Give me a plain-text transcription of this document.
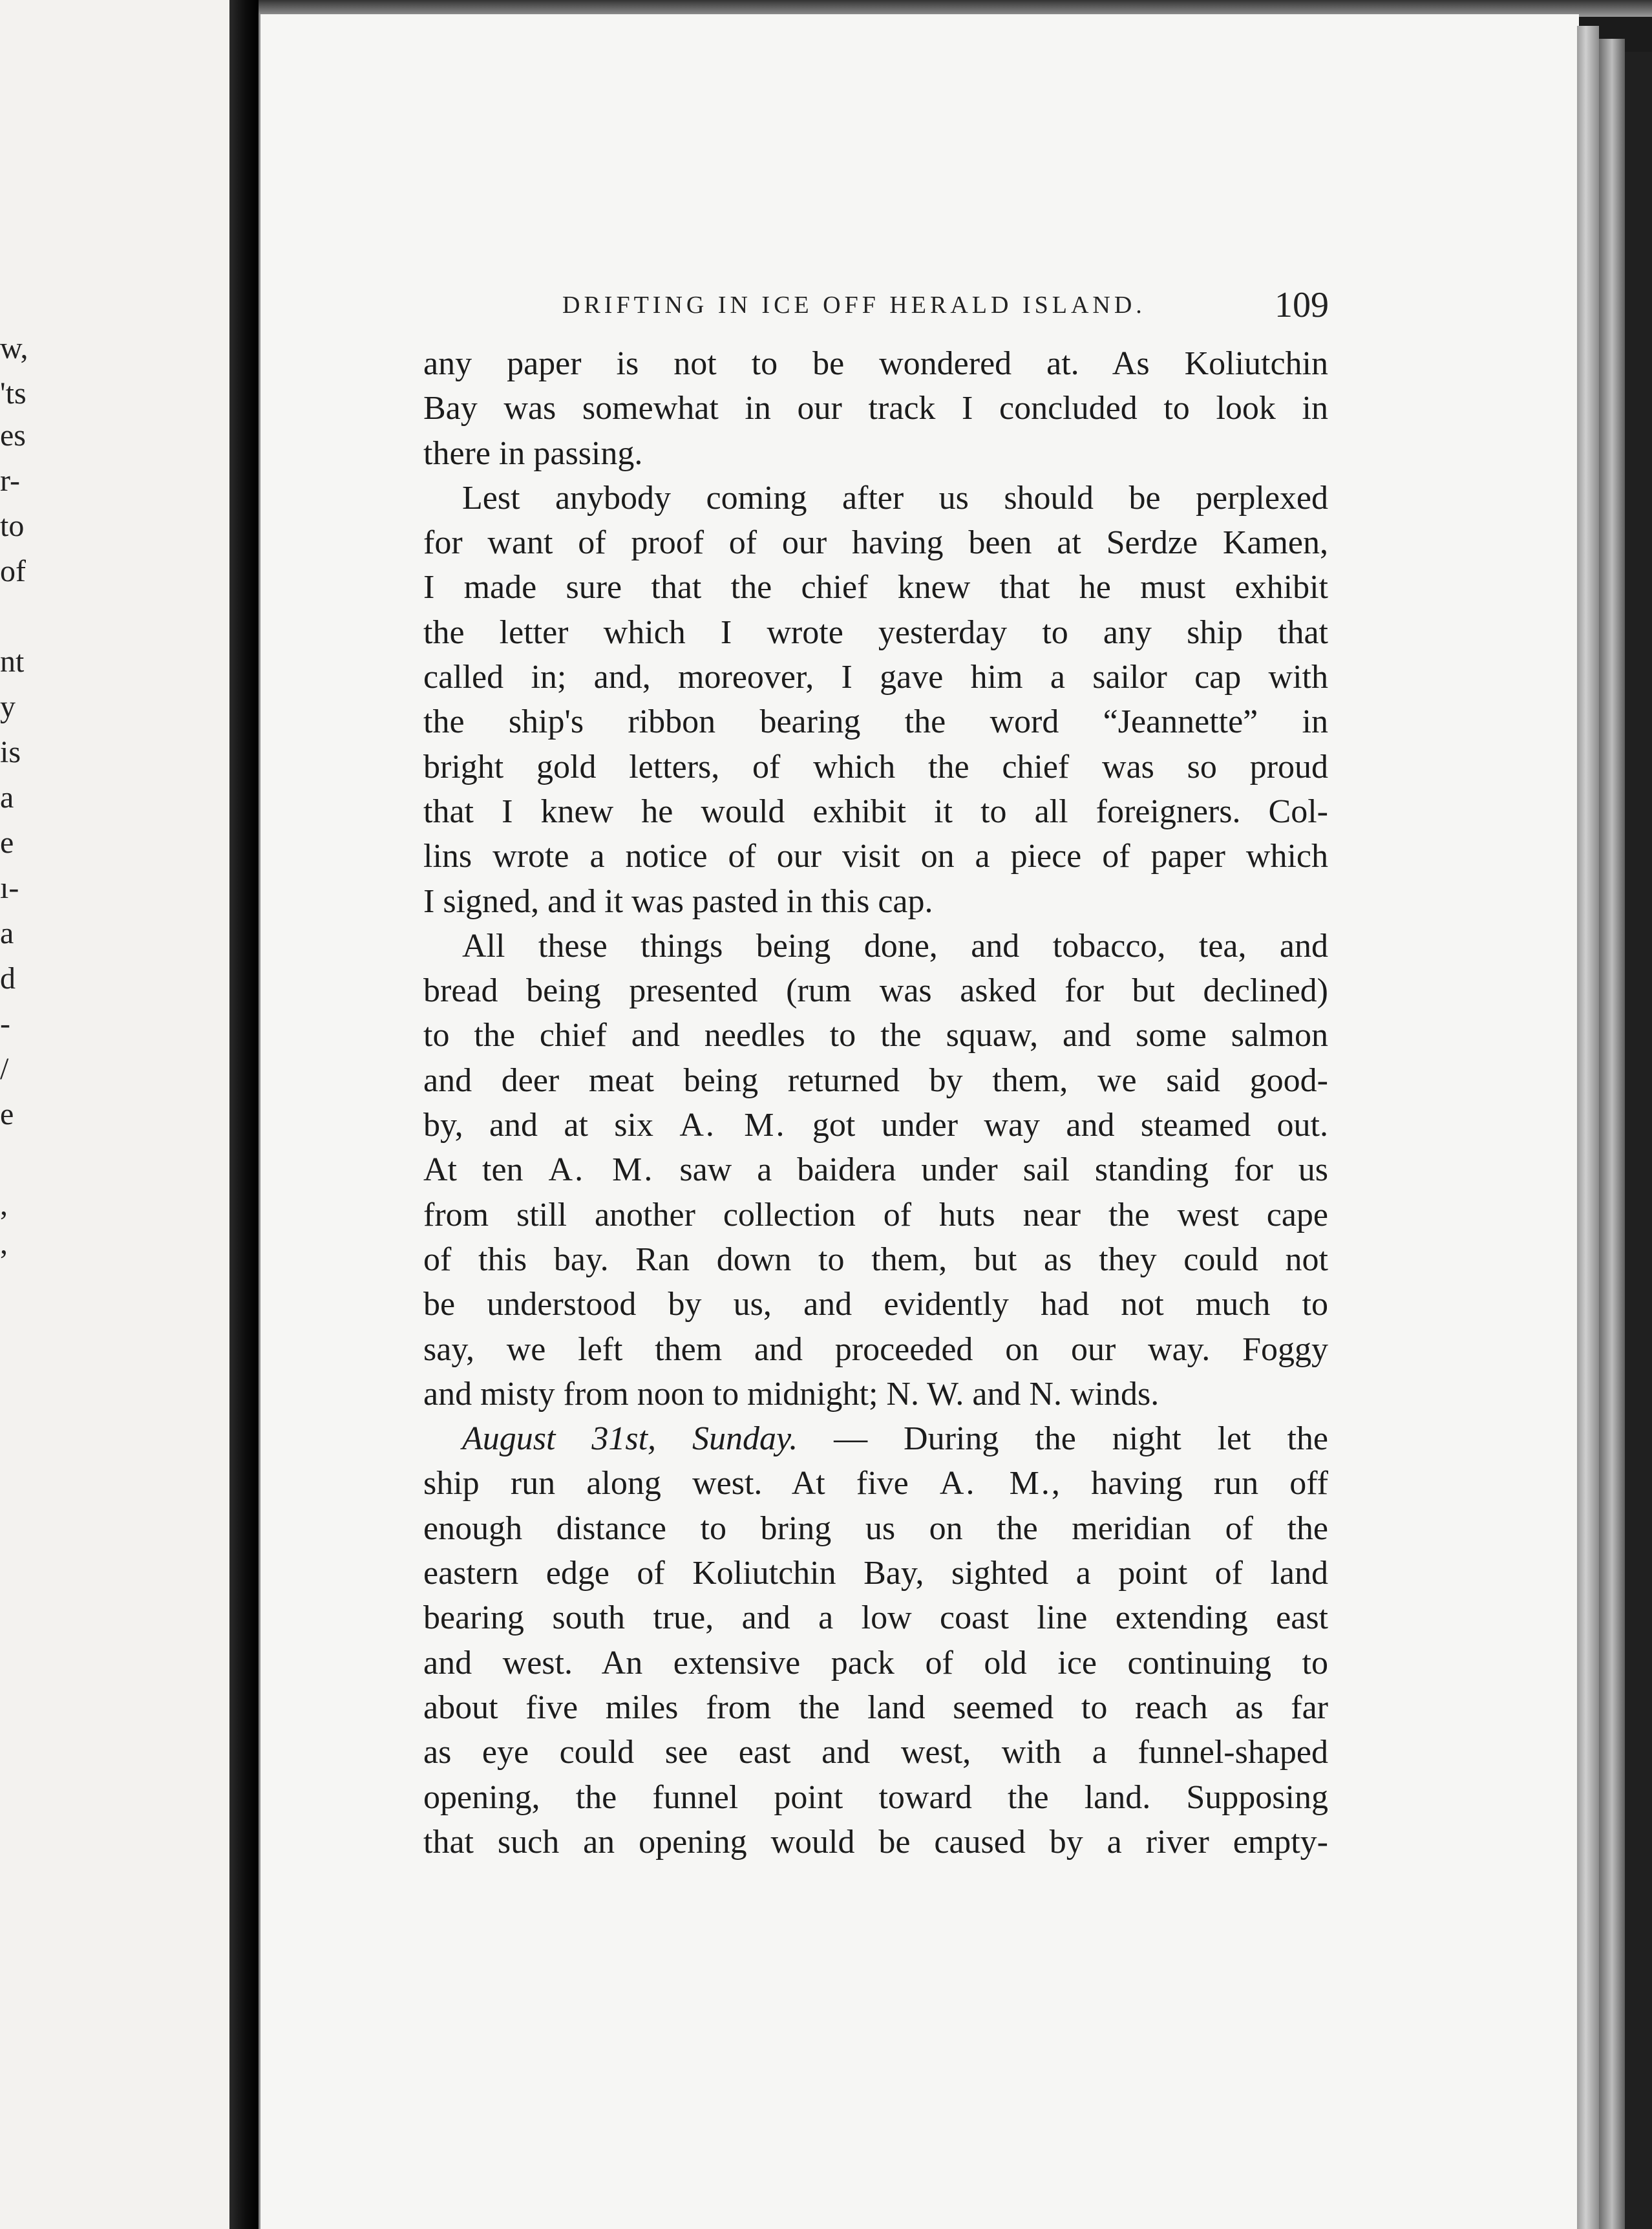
w,
'ts
es
r-
to
of
nt
y
is
a
e
ı-
a
d
-
/
e
,
,
DRIFTING IN ICE OFF HERALD ISLAND.	109
any paper is not to be wondered at. As Koliutchin
Bay was somewhat in our track I concluded to look in
there in passing.
Lest anybody coming after us should be perplexed
for want of proof of our having been at Serdze Kamen,
I made sure that the chief knew that he must exhibit
the letter which I wrote yesterday to any ship that
called in; and, moreover, I gave him a sailor cap with
the ship's ribbon bearing the word “Jeannette” in
bright gold letters, of which the chief was so proud
that I knew he would exhibit it to all foreigners. Col-
lins wrote a notice of our visit on a piece of paper which
I signed, and it was pasted in this cap.
All these things being done, and tobacco, tea, and
bread being presented (rum was asked for but declined)
to the chief and needles to the squaw, and some salmon
and deer meat being returned by them, we said good-
by, and at six A. M. got under way and steamed out.
At ten A. M. saw a baidera under sail standing for us
from still another collection of huts near the west cape
of this bay. Ran down to them, but as they could not
be understood by us, and evidently had not much to
say, we left them and proceeded on our way. Foggy
and misty from noon to midnight; N. W. and N. winds.
August 31st, Sunday. — During the night let the
ship run along west. At five A. M., having run off
enough distance to bring us on the meridian of the
eastern edge of Koliutchin Bay, sighted a point of land
bearing south true, and a low coast line extending east
and west. An extensive pack of old ice continuing to
about five miles from the land seemed to reach as far
as eye could see east and west, with a funnel-shaped
opening, the funnel point toward the land. Supposing
that such an opening would be caused by a river empty-
